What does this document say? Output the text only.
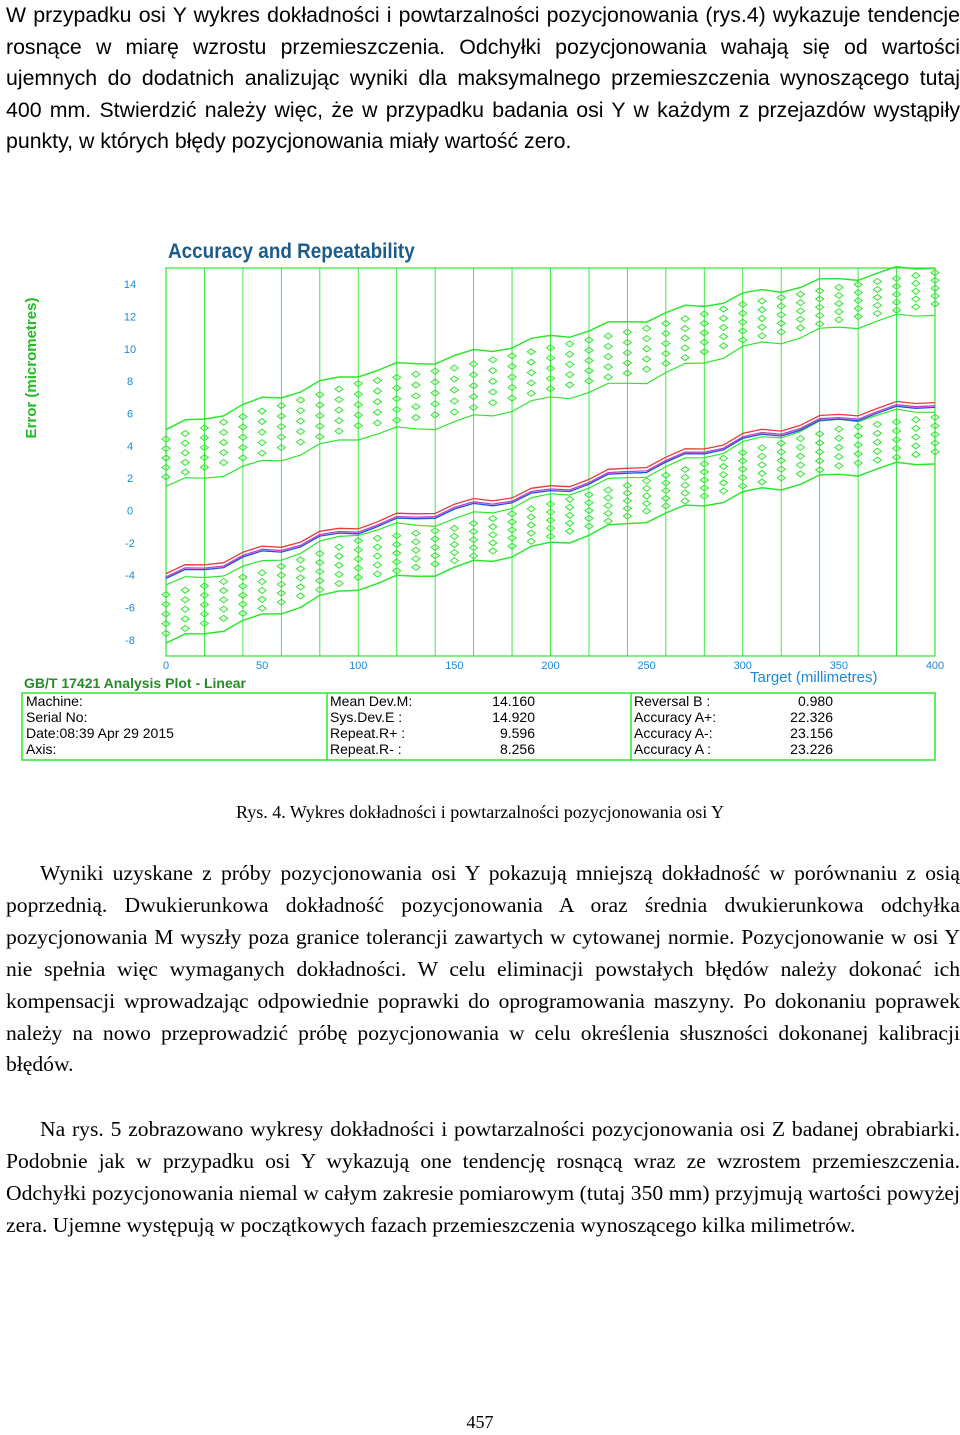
W przypadku osi Y wykres dokładności i powtarzalności pozycjonowania (rys.4) wykazuje tendencje rosnące w miarę wzrostu przemieszczenia. Odchyłki pozycjonowania wahają się od wartości ujemnych do dodatnich analizując wyniki dla maksymalnego przemieszczenia wynoszącego tutaj 400 mm. Stwierdzić należy więc, że w przypadku badania osi Y w każdym z przejazdów wystąpiły punkty, w których błędy pozycjonowania miały wartość zero.

Accuracy and Repeatability
Error (micrometres)
0	50	100	150	200	250	300	350	400
14
12
10
8
6
4
2
0
-2
-4
-6
-8
Target (millimetres)
GB/T 17421 Analysis Plot - Linear
Machine:
Serial No:
Date:08:39 Apr 29 2015
Axis:
Mean Dev.M:	14.160
Sys.Dev.E :	14.920
Repeat.R+ :	9.596
Repeat.R- :	8.256
Reversal B :	0.980
Accuracy A+:	22.326
Accuracy A-:	23.156
Accuracy A :	23.226
Rys. 4. Wykres dokładności i powtarzalności pozycjonowania osi Y

Wyniki uzyskane z próby pozycjonowania osi Y pokazują mniejszą dokładność w porównaniu z osią poprzednią. Dwukierunkowa dokładność pozycjonowania A oraz średnia dwukierunkowa odchyłka pozycjonowania M wyszły poza granice tolerancji zawartych w cytowanej normie. Pozycjonowanie w osi Y nie spełnia więc wymaganych dokładności. W celu eliminacji powstałych błędów należy dokonać ich kompensacji wprowadzając odpowiednie poprawki do oprogramowania maszyny. Po dokonaniu poprawek należy na nowo przeprowadzić próbę pozycjonowania w celu określenia słuszności dokonanej kalibracji błędów.

Na rys. 5 zobrazowano wykresy dokładności i powtarzalności pozycjonowania osi Z badanej obrabiarki. Podobnie jak w przypadku osi Y wykazują one tendencję rosnącą wraz ze wzrostem przemieszczenia. Odchyłki pozycjonowania niemal w całym zakresie pomiarowym (tutaj 350 mm) przyjmują wartości powyżej zera. Ujemne występują w początkowych fazach przemieszczenia wynoszącego kilka milimetrów.

457
